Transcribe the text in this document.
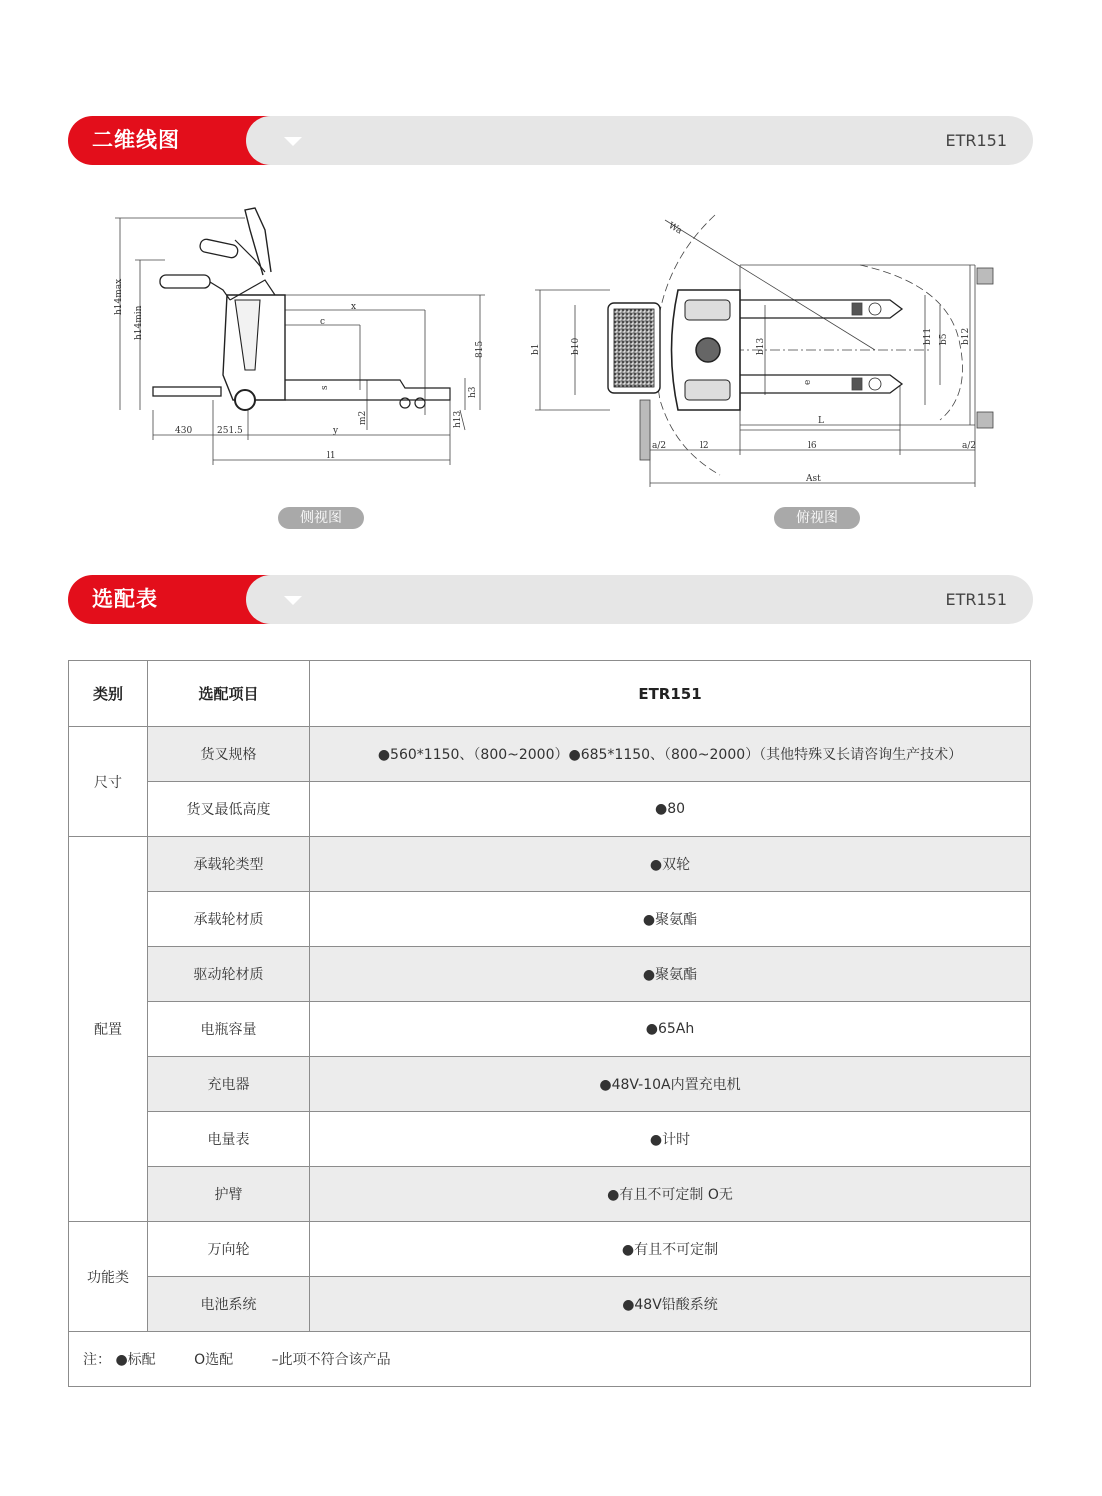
二维线图	ETR151
h14max
h14min	c
x
s
815
h3
h13
m2
430	251.5	y
l1
侧视图
Wa
b1	b10	b13
b11 b5 b12
e
L
a/2	l2	l6	a/2
Ast
俯视图
选配表	ETR151
类别	选配项目	ETR151
尺寸	货叉规格	●560*1150、（800~2000）●685*1150、（800~2000）（其他特殊叉长请咨询生产技术）
	货叉最低高度	●80
配置	承载轮类型	●双轮
	承载轮材质	●聚氨酯
	驱动轮材质	●聚氨酯
	电瓶容量	●65Ah
	充电器	●48V-10A内置充电机
	电量表	●计时
	护臂	●有且不可定制 O无
功能类	万向轮	●有且不可定制
	电池系统	●48V铅酸系统
注： ●标配 O选配 –此项不符合该产品		
